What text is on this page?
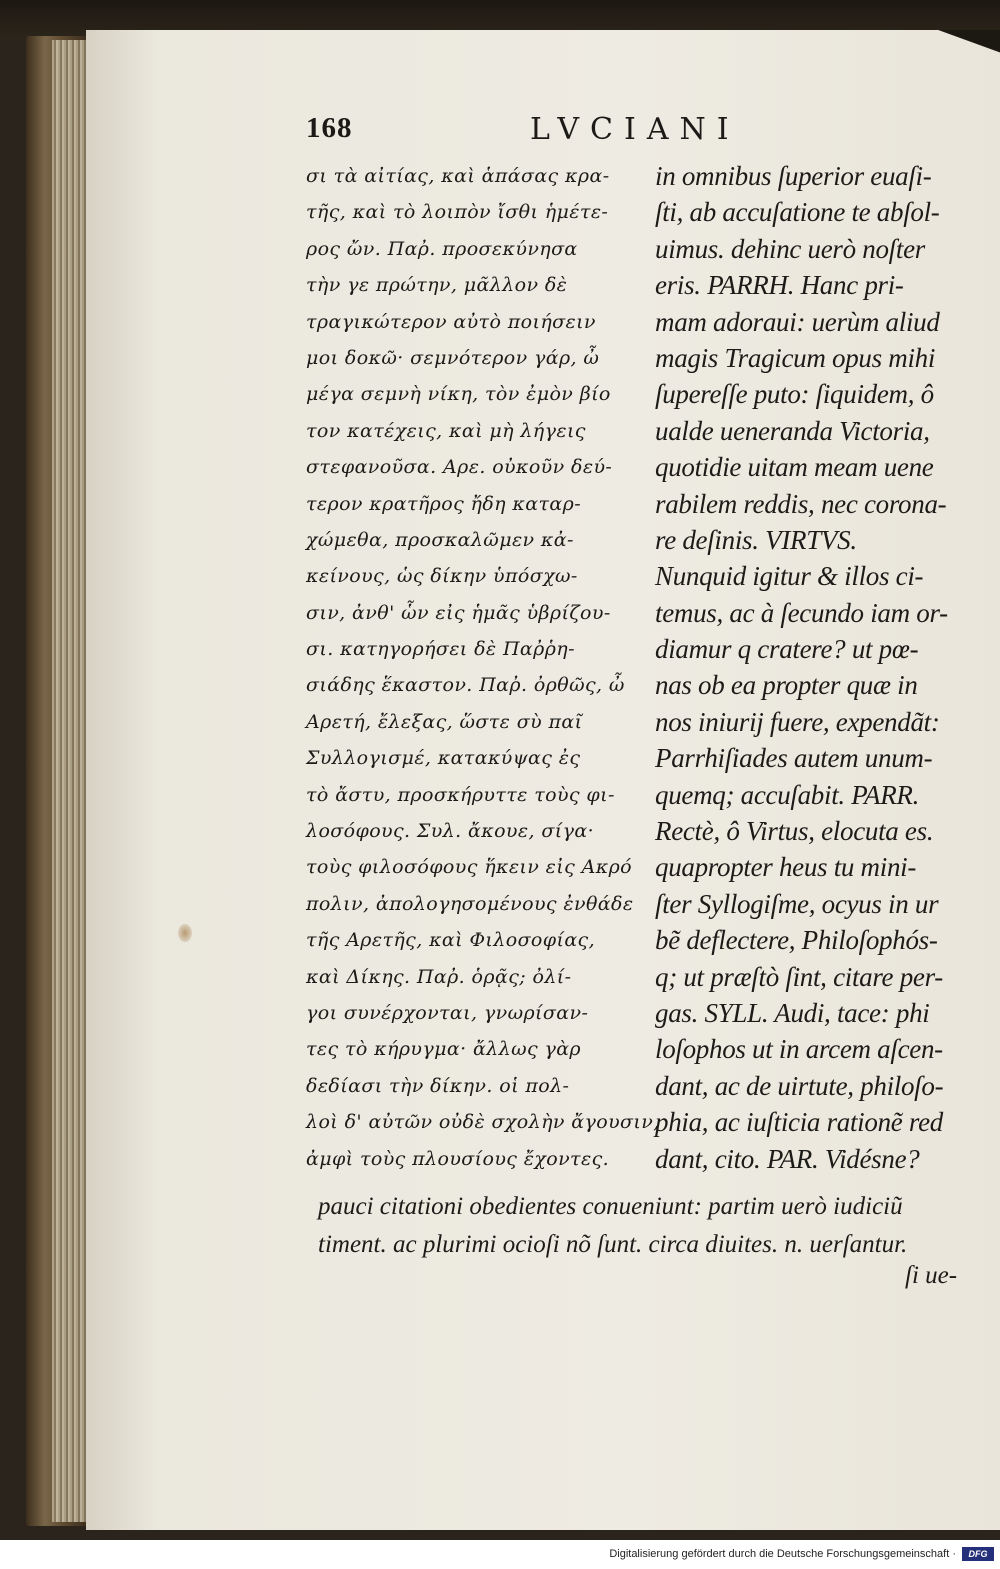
168	LVCIANI
σι τὰ αἰτίας, καὶ ἁπάσας κρα-
τῆς, καὶ τὸ λοιπὸν ἴσθι ἡμέτε-
ρος ὤν. Παῤ. προσεκύνησα
τὴν γε πρώτην, μᾶλλον δὲ
τραγικώτερον αὐτὸ ποιήσειν
μοι δοκῶ· σεμνότερον γάρ, ὦ
μέγα σεμνὴ νίκη, τὸν ἐμὸν βίο
τον κατέχεις, καὶ μὴ λήγεις
στεφανοῦσα. Αρε. οὐκοῦν δεύ-
τερον κρατῆρος ἤδη καταρ-
χώμεθα, προσκαλῶμεν κἀ-
κείνους, ὡς δίκην ὑπόσχω-
σιν, ἀνθ' ὧν εἰς ἡμᾶς ὑβρίζου-
σι. κατηγορήσει δὲ Παῤῥη-
σιάδης ἕκαστον. Παῤ. ὀρθῶς, ὦ
Αρετή, ἔλεξας, ὥστε σὺ παῖ
Συλλογισμέ, κατακύψας ἐς
τὸ ἄστυ, προσκήρυττε τοὺς φι-
λοσόφους. Συλ. ἄκουε, σίγα·
τοὺς φιλοσόφους ἥκειν εἰς Ακρό
πολιν, ἀπολογησομένους ἐνθάδε
τῆς Αρετῆς, καὶ Φιλοσοφίας,
καὶ Δίκης. Παῤ. ὁρᾷς; ὀλί-
γοι συνέρχονται, γνωρίσαν-
τες τὸ κήρυγμα· ἄλλως γὰρ
δεδίασι τὴν δίκην. οἱ πολ-
λοὶ δ' αὐτῶν οὐδὲ σχολὴν ἄγουσιν,
ἀμφὶ τοὺς πλουσίους ἔχοντες.
in omnibus ſuperior euaſi-
ſti, ab accuſatione te abſol-
uimus. dehinc uerò noſter
eris. PARRH. Hanc pri-
mam adoraui: uerùm aliud
magis Tragicum opus mihi
ſupereſſe puto: ſiquidem, ô
ualde ueneranda Victoria,
quotidie uitam meam uene
rabilem reddis, nec corona-
re deſinis. VIRTVS.
Nunquid igitur & illos ci-
temus, ac à ſecundo iam or-
diamur q cratere? ut pœ-
nas ob ea propter quæ in
nos iniurij fuere, expendãt:
Parrhiſiades autem unum-
quemq; accuſabit. PARR.
Rectè, ô Virtus, elocuta es.
quapropter heus tu mini-
ſter Syllogiſme, ocyus in ur
bẽ deflectere, Philoſophós-
q; ut præſtò ſint, citare per-
gas. SYLL. Audi, tace: phi
loſophos ut in arcem aſcen-
dant, ac de uirtute, philoſo-
phia, ac iuſticia rationẽ red
dant, cito. PAR. Vidésne?
pauci citationi obedientes conueniunt: partim uerò iudiciũ
timent. ac plurimi ocioſi nõ ſunt. circa diuites. n. uerſantur.
ſi ue-
Digitalisierung gefördert durch die Deutsche Forschungsgemeinschaft ·	DFG
